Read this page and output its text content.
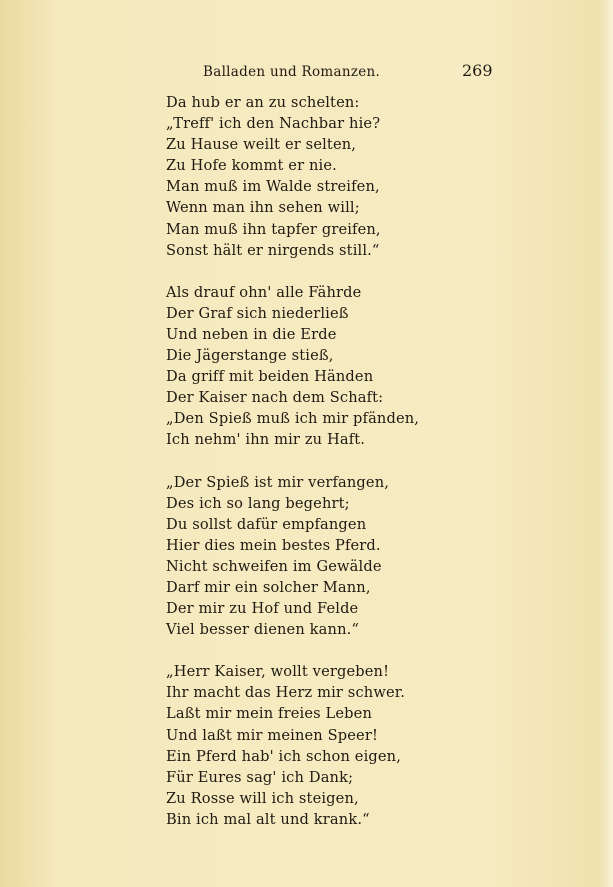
Balladen und Romanzen.	269
Da hub er an zu schelten:
„Treff' ich den Nachbar hie?
Zu Hause weilt er selten,
Zu Hofe kommt er nie.
Man muß im Walde streifen,
Wenn man ihn sehen will;
Man muß ihn tapfer greifen,
Sonst hält er nirgends still.“
Als drauf ohn' alle Fährde
Der Graf sich niederließ
Und neben in die Erde
Die Jägerstange stieß,
Da griff mit beiden Händen
Der Kaiser nach dem Schaft:
„Den Spieß muß ich mir pfänden,
Ich nehm' ihn mir zu Haft.
„Der Spieß ist mir verfangen,
Des ich so lang begehrt;
Du sollst dafür empfangen
Hier dies mein bestes Pferd.
Nicht schweifen im Gewälde
Darf mir ein solcher Mann,
Der mir zu Hof und Felde
Viel besser dienen kann.“
„Herr Kaiser, wollt vergeben!
Ihr macht das Herz mir schwer.
Laßt mir mein freies Leben
Und laßt mir meinen Speer!
Ein Pferd hab' ich schon eigen,
Für Eures sag' ich Dank;
Zu Rosse will ich steigen,
Bin ich mal alt und krank.“
